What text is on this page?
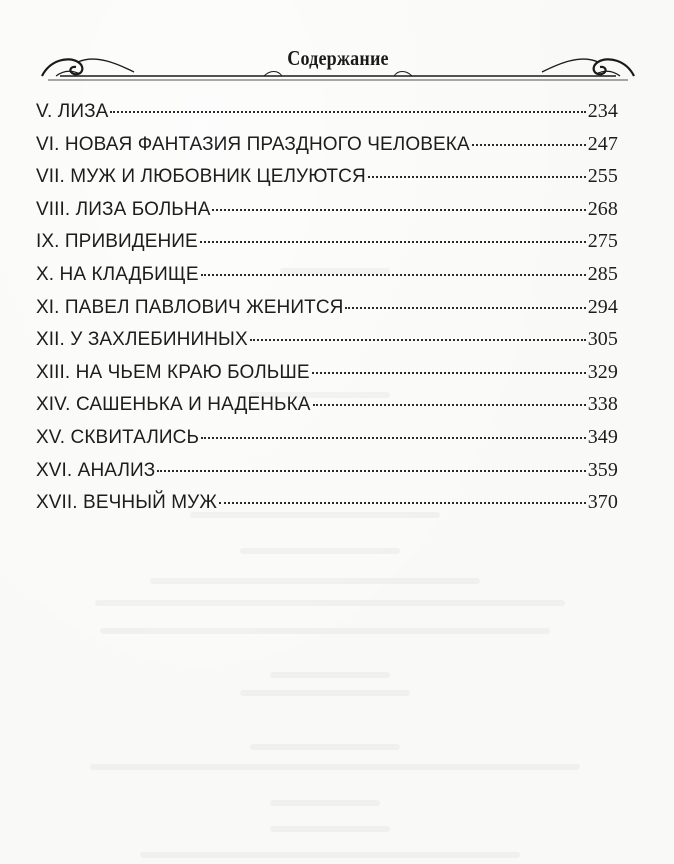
Содержание
V. ЛИЗА	234
VI. НОВАЯ ФАНТАЗИЯ ПРАЗДНОГО ЧЕЛОВЕКА	247
VII. МУЖ И ЛЮБОВНИК ЦЕЛУЮТСЯ	255
VIII. ЛИЗА БОЛЬНА	268
IX. ПРИВИДЕНИЕ	275
X. НА КЛАДБИЩЕ	285
XI. ПАВЕЛ ПАВЛОВИЧ ЖЕНИТСЯ	294
XII. У ЗАХЛЕБИНИНЫХ	305
XIII. НА ЧЬЕМ КРАЮ БОЛЬШЕ	329
XIV. САШЕНЬКА И НАДЕНЬКА	338
XV. СКВИТАЛИСЬ	349
XVI. АНАЛИЗ	359
XVII. ВЕЧНЫЙ МУЖ	370
